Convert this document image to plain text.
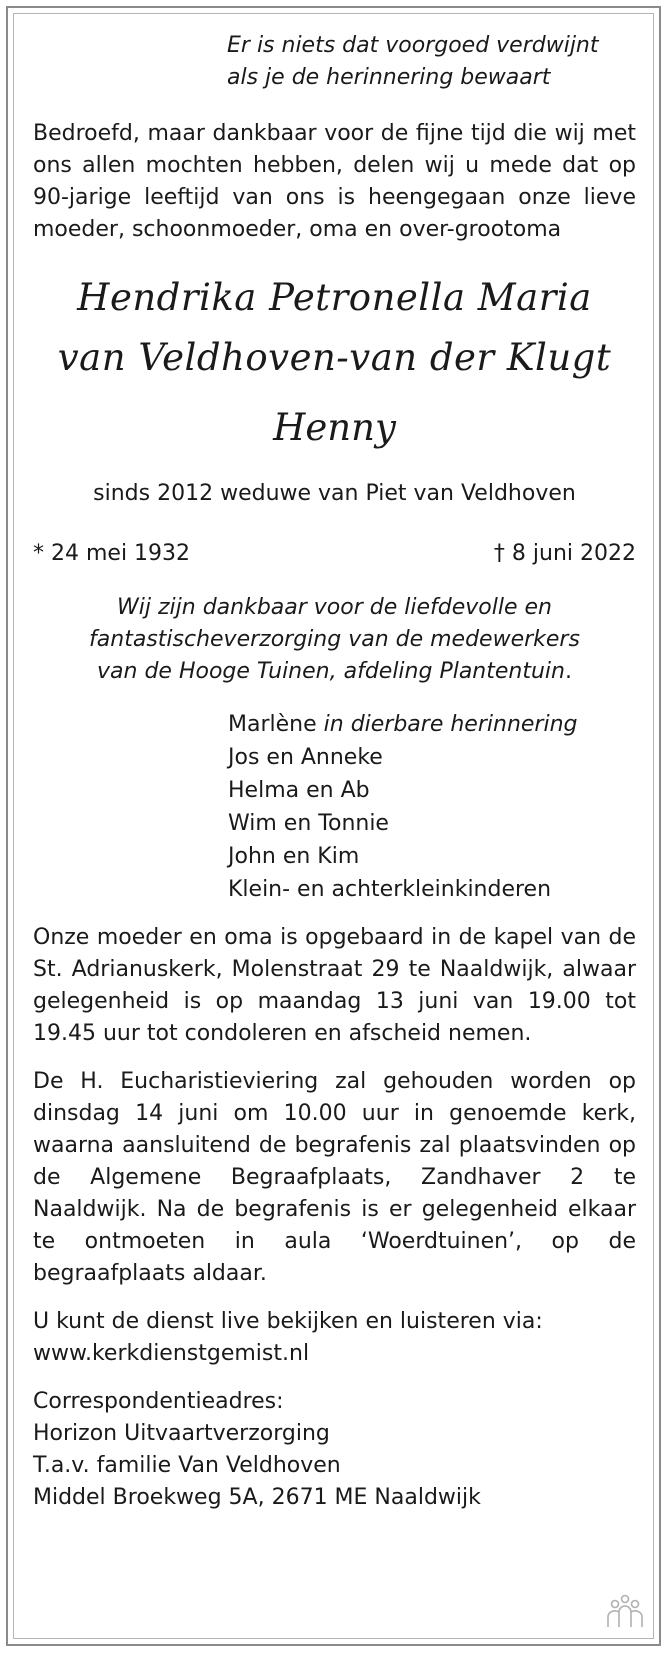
Er is niets dat voorgoed verdwijnt
als je de herinnering bewaart
Bedroefd, maar dankbaar voor de fijne tijd die wij met ons allen mochten hebben, delen wij u mede dat op 90-jarige leeftijd van ons is heengegaan onze lieve moeder, schoonmoeder, oma en over-grootoma
Hendrika Petronella Maria
van Veldhoven-van der Klugt
Henny
sinds 2012 weduwe van Piet van Veldhoven
* 24 mei 1932	† 8 juni 2022
Wij zijn dankbaar voor de liefdevolle en
fantastischeverzorging van de medewerkers
van de Hooge Tuinen, afdeling Plantentuin.
Marlène in dierbare herinnering
Jos en Anneke
Helma en Ab
Wim en Tonnie
John en Kim
Klein- en achterkleinkinderen
Onze moeder en oma is opgebaard in de kapel van de St. Adrianuskerk, Molenstraat 29 te Naaldwijk, alwaar gelegenheid is op maandag 13 juni van 19.00 tot 19.45 uur tot condoleren en afscheid nemen.
De H. Eucharistieviering zal gehouden worden op dinsdag 14 juni om 10.00 uur in genoemde kerk, waarna aansluitend de begrafenis zal plaatsvinden op de Algemene Begraafplaats, Zandhaver 2 te Naaldwijk. Na de begrafenis is er gelegenheid elkaar te ontmoeten in aula ‘Woerdtuinen’, op de begraafplaats aldaar.
U kunt de dienst live bekijken en luisteren via:
www.kerkdienstgemist.nl
Correspondentieadres:
Horizon Uitvaartverzorging
T.a.v. familie Van Veldhoven
Middel Broekweg 5A, 2671 ME Naaldwijk
